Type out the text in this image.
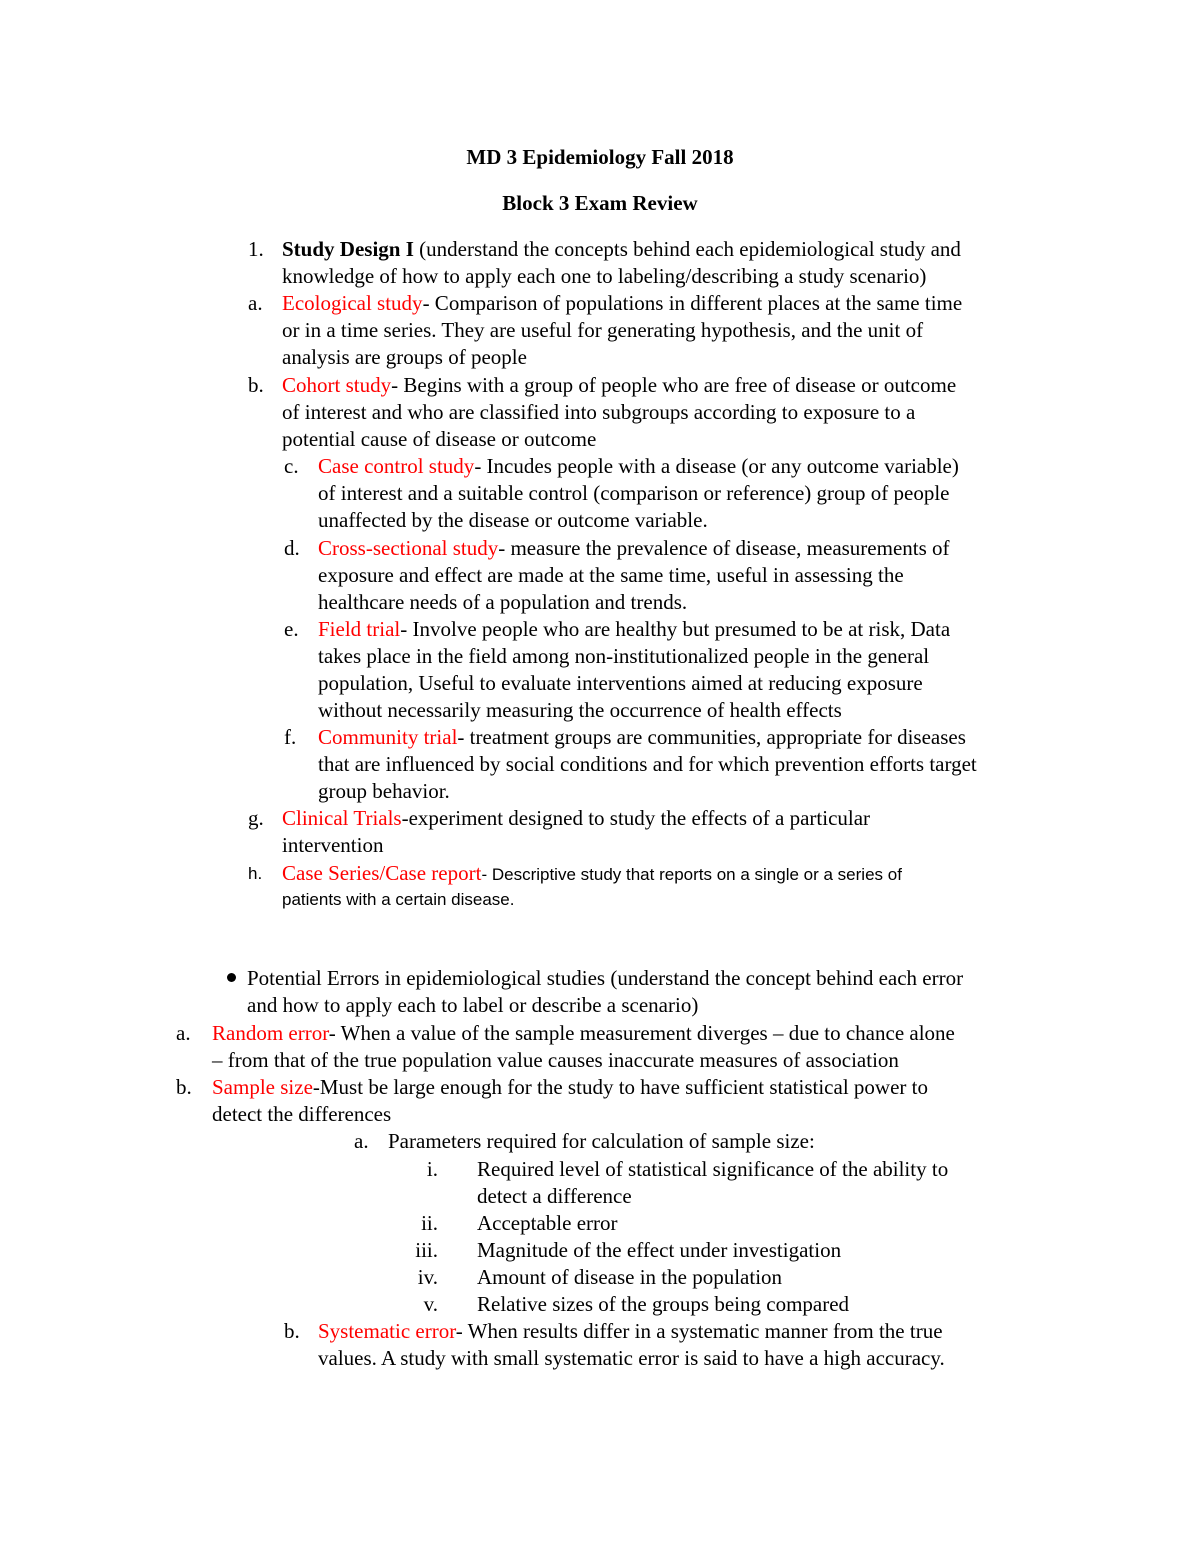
MD 3 Epidemiology Fall 2018
Block 3 Exam Review
1. Study Design I (understand the concepts behind each epidemiological study and
knowledge of how to apply each one to labeling/describing a study scenario)
a. Ecological study- Comparison of populations in different places at the same time
or in a time series. They are useful for generating hypothesis, and the unit of
analysis are groups of people
b. Cohort study- Begins with a group of people who are free of disease or outcome
of interest and who are classified into subgroups according to exposure to a
potential cause of disease or outcome
c. Case control study- Incudes people with a disease (or any outcome variable)
of interest and a suitable control (comparison or reference) group of people
unaffected by the disease or outcome variable.
d. Cross-sectional study- measure the prevalence of disease, measurements of
exposure and effect are made at the same time, useful in assessing the
healthcare needs of a population and trends.
e. Field trial- Involve people who are healthy but presumed to be at risk, Data
takes place in the field among non-institutionalized people in the general
population, Useful to evaluate interventions aimed at reducing exposure
without necessarily measuring the occurrence of health effects
f. Community trial- treatment groups are communities, appropriate for diseases
that are influenced by social conditions and for which prevention efforts target
group behavior.
g. Clinical Trials-experiment designed to study the effects of a particular
intervention
h. Case Series/Case report- Descriptive study that reports on a single or a series of
patients with a certain disease.
Potential Errors in epidemiological studies (understand the concept behind each error
and how to apply each to label or describe a scenario)
a. Random error- When a value of the sample measurement diverges – due to chance alone
– from that of the true population value causes inaccurate measures of association
b. Sample size-Must be large enough for the study to have sufficient statistical power to
detect the differences
a. Parameters required for calculation of sample size:
i. Required level of statistical significance of the ability to
detect a difference
ii. Acceptable error
iii. Magnitude of the effect under investigation
iv. Amount of disease in the population
v. Relative sizes of the groups being compared
b. Systematic error- When results differ in a systematic manner from the true
values. A study with small systematic error is said to have a high accuracy.
